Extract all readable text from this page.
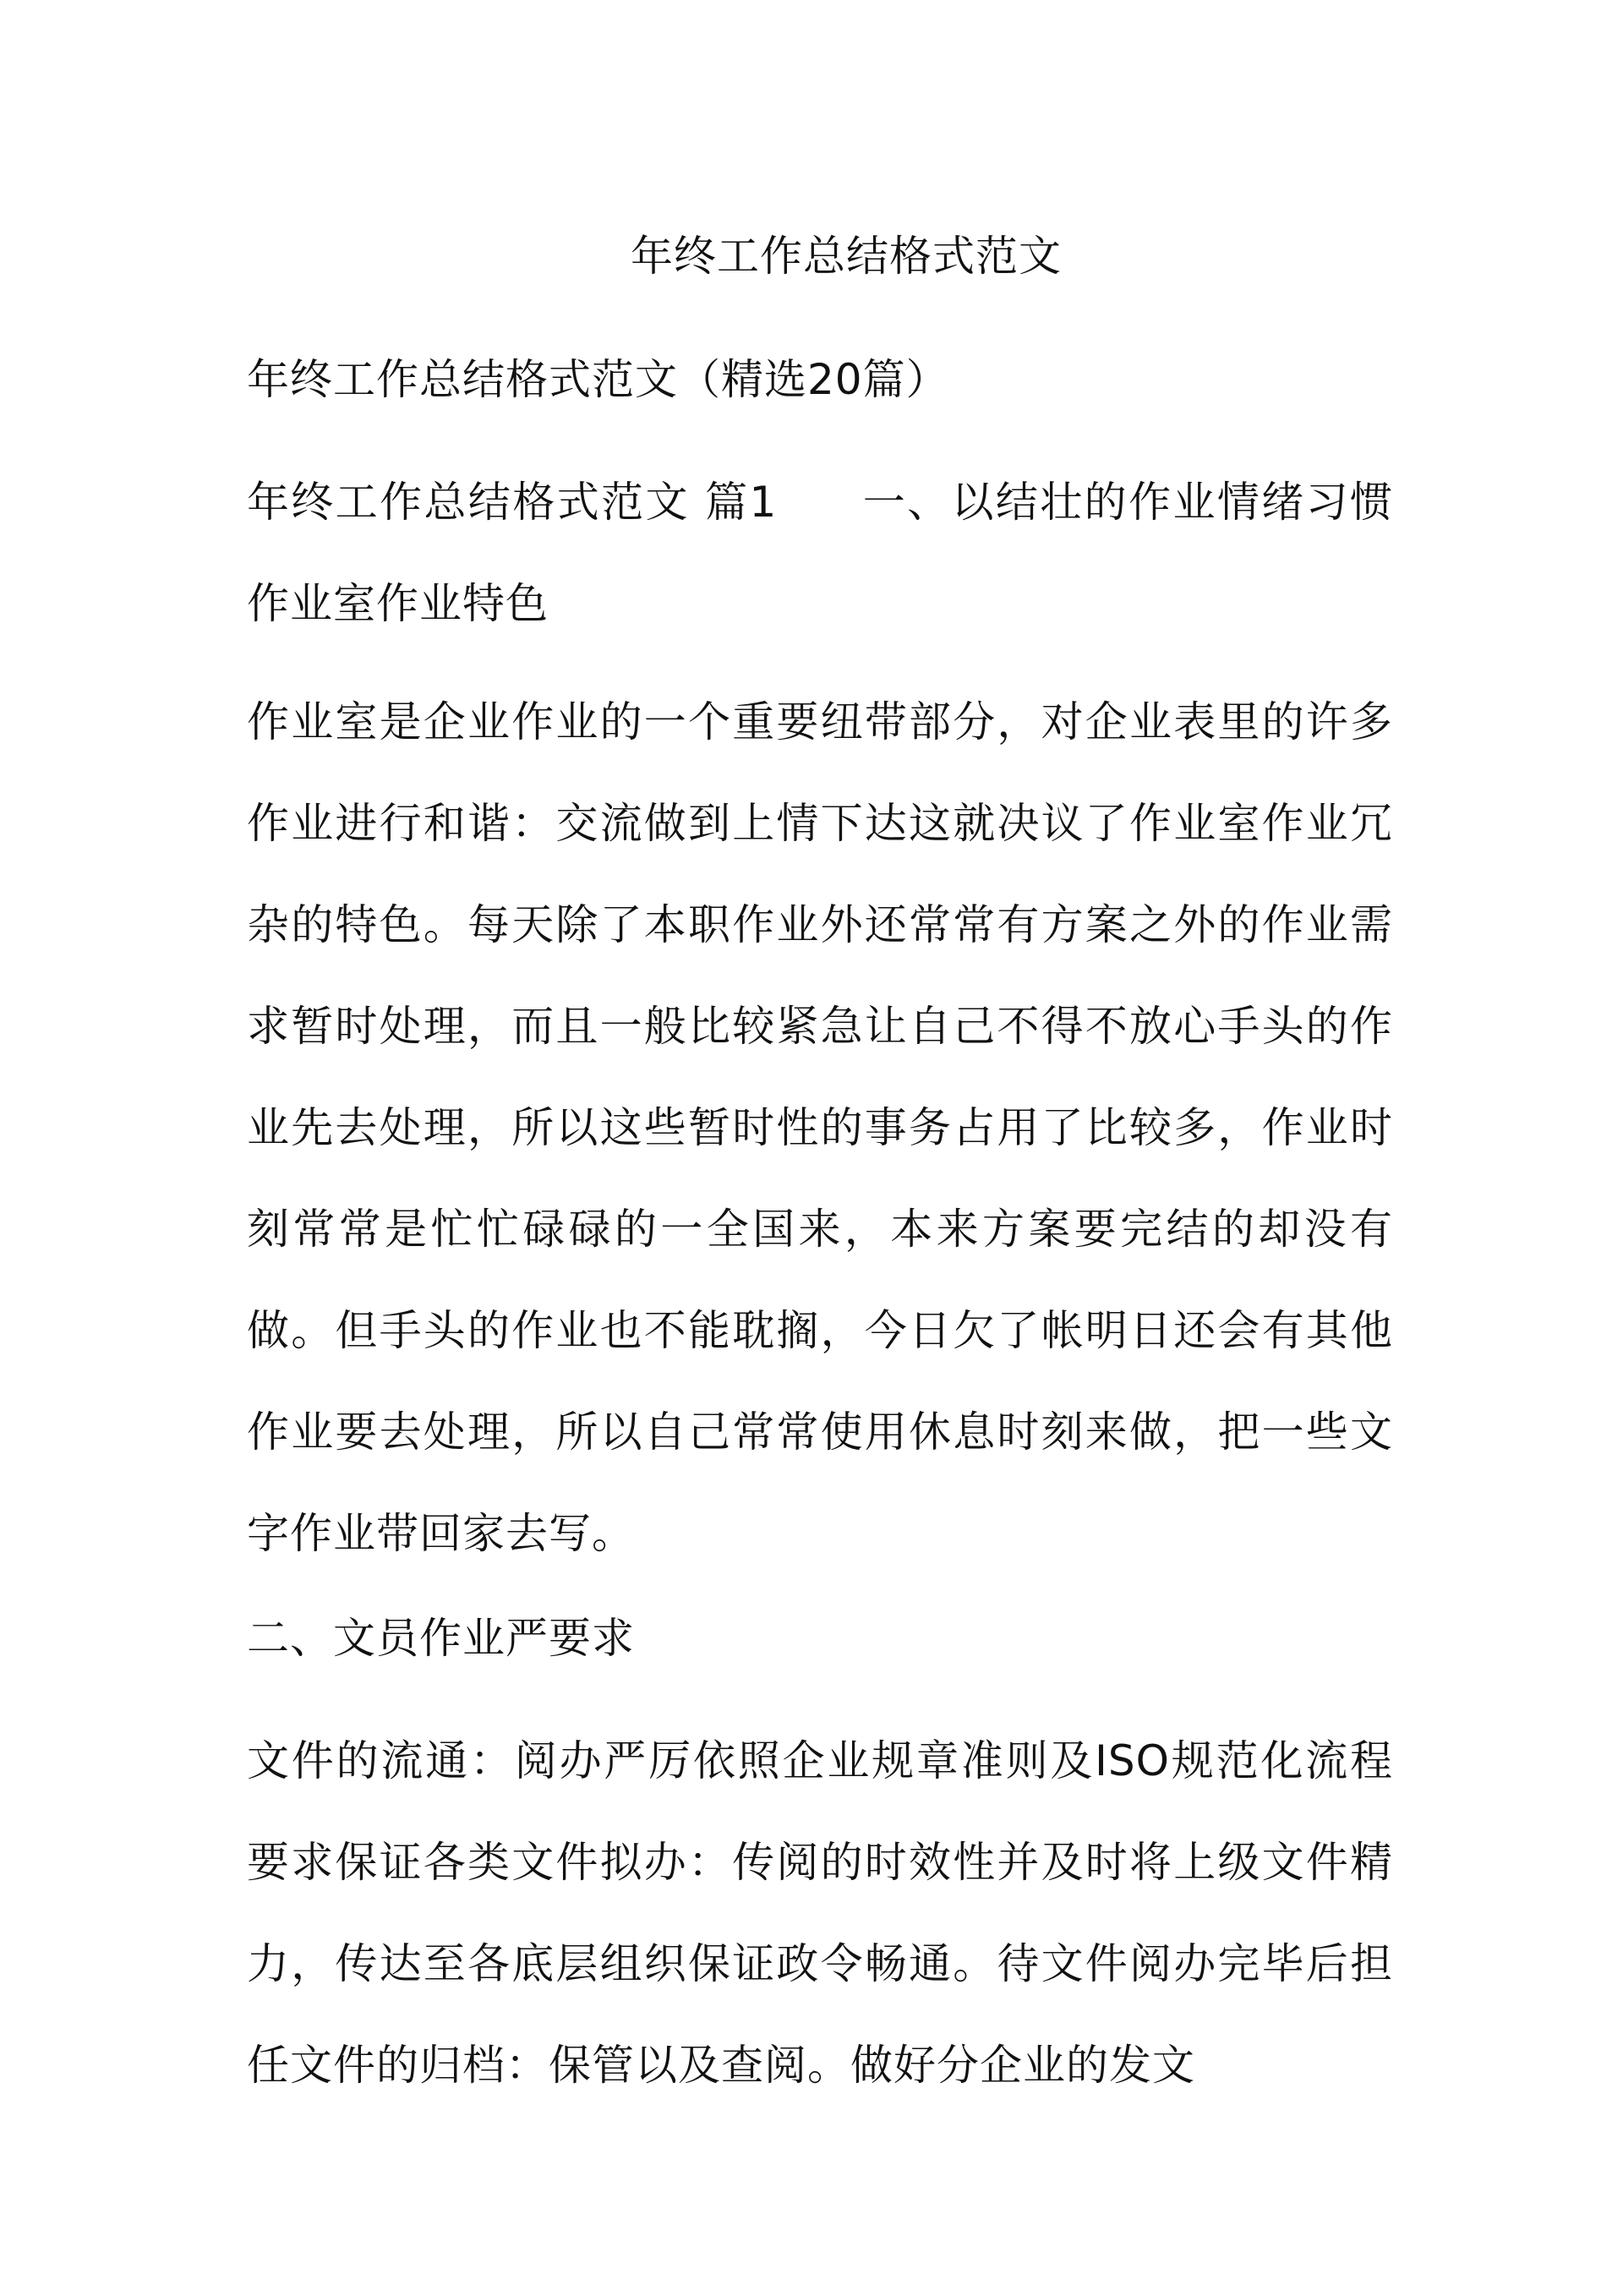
年终工作总结格式范文

年终工作总结格式范文（精选20篇）

年终工作总结格式范文 篇1 一、以结壮的作业情绪习惯作业室作业特色

作业室是企业作业的一个重要纽带部分，对企业表里的许多作业进行和谐：交流做到上情下达这就决议了作业室作业冗杂的特色。每天除了本职作业外还常常有方案之外的作业需求暂时处理，而且一般比较紧急让自己不得不放心手头的作业先去处理，所以这些暂时性的事务占用了比较多，作业时刻常常是忙忙碌碌的一全国来，本来方案要完结的却没有做。但手头的作业也不能耽搁，今日欠了帐明日还会有其他作业要去处理，所以自己常常使用休息时刻来做，把一些文字作业带回家去写。

二、文员作业严要求

文件的流通：阅办严厉依照企业规章准则及ISO规范化流程要求保证各类文件拟办：传阅的时效性并及时将上级文件精力，传达至各底层组织保证政令畅通。待文件阅办完毕后担任文件的归档：保管以及查阅。做好分企业的发文
